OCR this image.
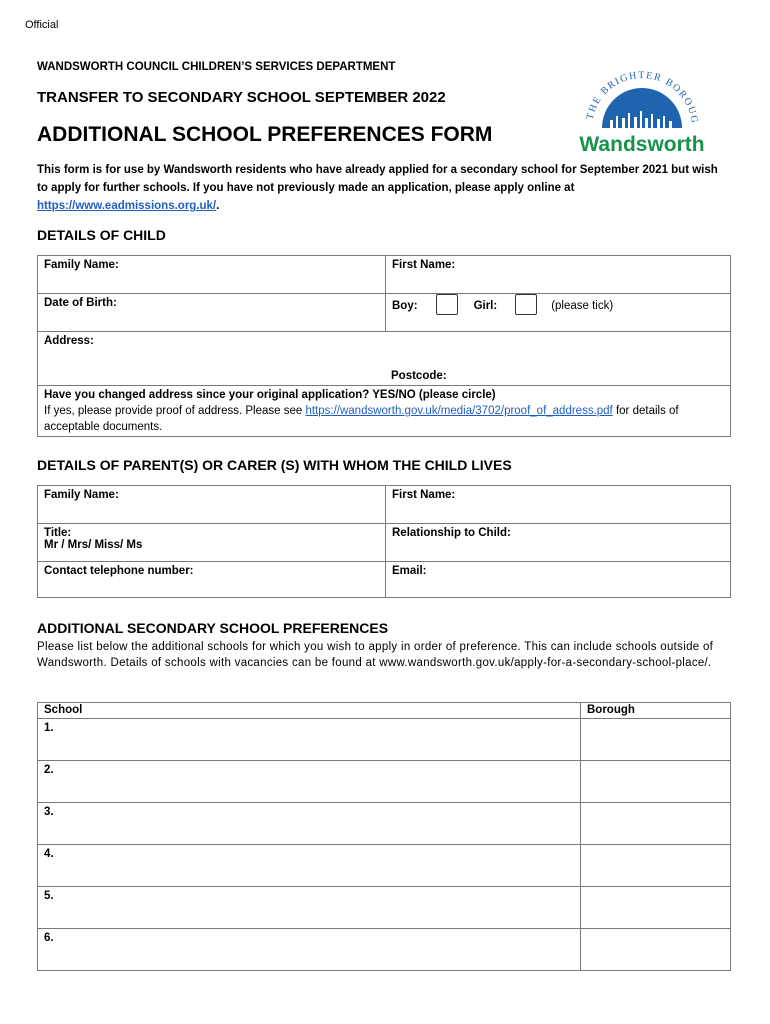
Official
WANDSWORTH COUNCIL CHILDREN’S SERVICES DEPARTMENT
TRANSFER TO SECONDARY SCHOOL SEPTEMBER 2022
ADDITIONAL SCHOOL PREFERENCES FORM
THE BRIGHTER BOROUG
Wandsworth
This form is for use by Wandsworth residents who have already applied for a secondary school for September 2021 but wish to apply for further schools. If you have not previously made an application, please apply online at https://www.eadmissions.org.uk/.
DETAILS OF CHILD
Family Name:	First Name:
Date of Birth:	Boy: Girl: (please tick)

Address:
Postcode:	

Have you changed address since your original application? YES/NO (please circle)
If yes, please provide proof of address. Please see https://wandsworth.gov.uk/media/3702/proof_of_address.pdf for details of acceptable documents.	
DETAILS OF PARENT(S) OR CARER (S) WITH WHOM THE CHILD LIVES
Family Name:	First Name:

Title:
Mr / Mrs/ Miss/ Ms	Relationship to Child:
Contact telephone number:	Email:
ADDITIONAL SECONDARY SCHOOL PREFERENCES
Please list below the additional schools for which you wish to apply in order of preference. This can include schools outside of Wandsworth. Details of schools with vacancies can be found at www.wandsworth.gov.uk/apply-for-a-secondary-school-place/.
School	Borough
1.	
2.	
3.	
4.	
5.	
6.	
